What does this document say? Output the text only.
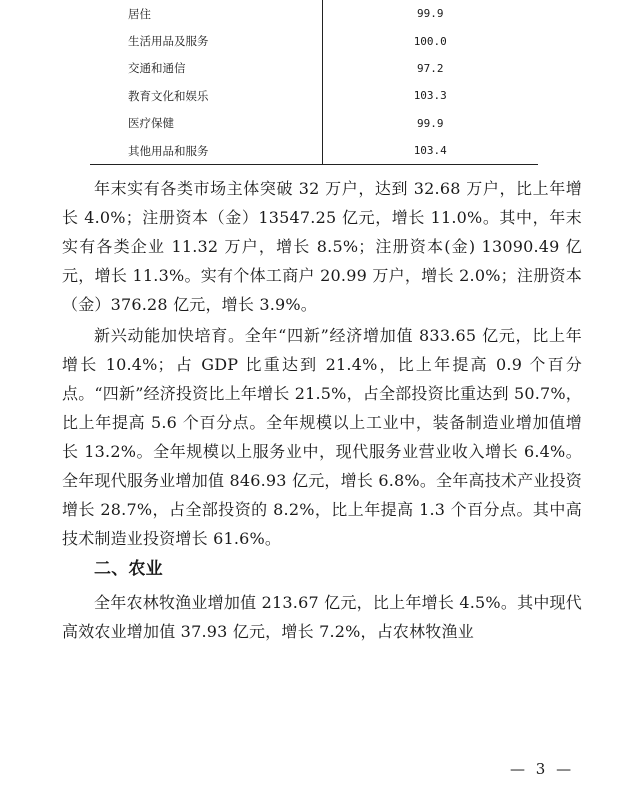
居住	99.9
生活用品及服务	100.0
交通和通信	97.2
教育文化和娱乐	103.3
医疗保健	99.9
其他用品和服务	103.4

年末实有各类市场主体突破 32 万户，达到 32.68 万户，比上年增长 4.0%；注册资本（金）13547.25 亿元，增长 11.0%。其中，年末实有各类企业 11.32 万户，增长 8.5%；注册资本(金) 13090.49 亿元，增长 11.3%。实有个体工商户 20.99 万户，增长 2.0%；注册资本（金）376.28 亿元，增长 3.9%。

新兴动能加快培育。全年“四新”经济增加值 833.65 亿元，比上年增长 10.4%；占 GDP 比重达到 21.4%，比上年提高 0.9 个百分点。“四新”经济投资比上年增长 21.5%，占全部投资比重达到 50.7%，比上年提高 5.6 个百分点。全年规模以上工业中，装备制造业增加值增长 13.2%。全年规模以上服务业中，现代服务业营业收入增长 6.4%。全年现代服务业增加值 846.93 亿元，增长 6.8%。全年高技术产业投资增长 28.7%，占全部投资的 8.2%，比上年提高 1.3 个百分点。其中高技术制造业投资增长 61.6%。

二、农业

全年农林牧渔业增加值 213.67 亿元，比上年增长 4.5%。其中现代高效农业增加值 37.93 亿元，增长 7.2%，占农林牧渔业

— 3 —
